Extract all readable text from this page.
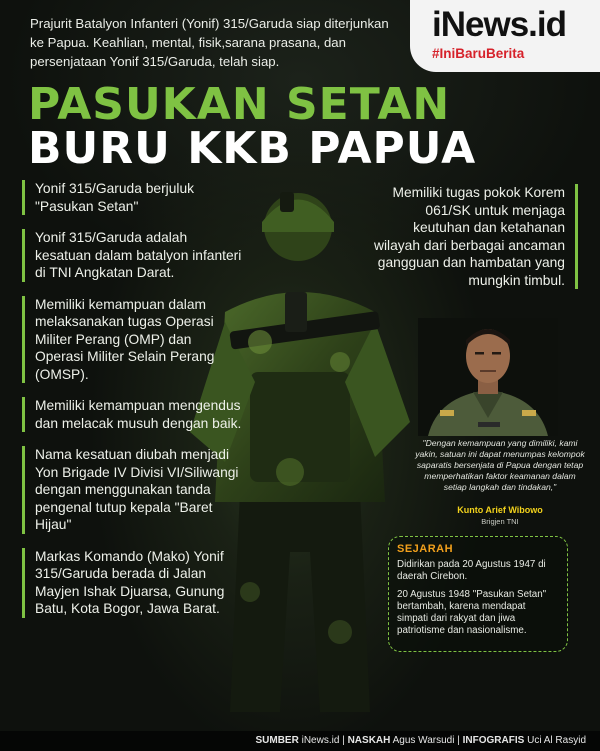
iNews.id
#IniBaruBerita

Prajurit Batalyon Infanteri (Yonif) 315/Garuda siap diterjunkan ke Papua. Keahlian, mental, fisik,sarana prasana, dan persenjataan Yonif 315/Garuda, telah siap.

PASUKAN SETAN
BURU KKB PAPUA
Yonif 315/Garuda berjuluk "Pasukan Setan"
Yonif 315/Garuda adalah kesatuan dalam batalyon infanteri di TNI Angkatan Darat.
Memiliki kemampuan dalam melaksanakan tugas Operasi Militer Perang (OMP) dan Operasi Militer Selain Perang (OMSP).
Memiliki kemampuan mengendus dan melacak musuh dengan baik.
Nama kesatuan diubah menjadi Yon Brigade IV Divisi VI/Siliwangi dengan menggunakan tanda pengenal tutup kepala "Baret Hijau"
Markas Komando (Mako) Yonif 315/Garuda berada di Jalan Mayjen Ishak Djuarsa, Gunung Batu, Kota Bogor, Jawa Barat.
Memiliki tugas pokok Korem 061/SK untuk menjaga keutuhan dan ketahanan wilayah dari berbagai ancaman gangguan dan hambatan yang mungkin timbul.
"Dengan kemampuan yang dimiliki, kami yakin, satuan ini dapat menumpas kelompok saparatis bersenjata di Papua dengan tetap memperhatikan faktor keamanan dalam setiap langkah dan tindakan,"
Kunto Arief Wibowo
Brigjen TNI
SEJARAH
Didirikan pada 20 Agustus 1947 di daerah Cirebon.
20 Agustus 1948 "Pasukan Setan" bertambah, karena mendapat simpati dari rakyat dan jiwa patriotisme dan nasionalisme.
SUMBER iNews.id | NASKAH Agus Warsudi | INFOGRAFIS Uci Al Rasyid
